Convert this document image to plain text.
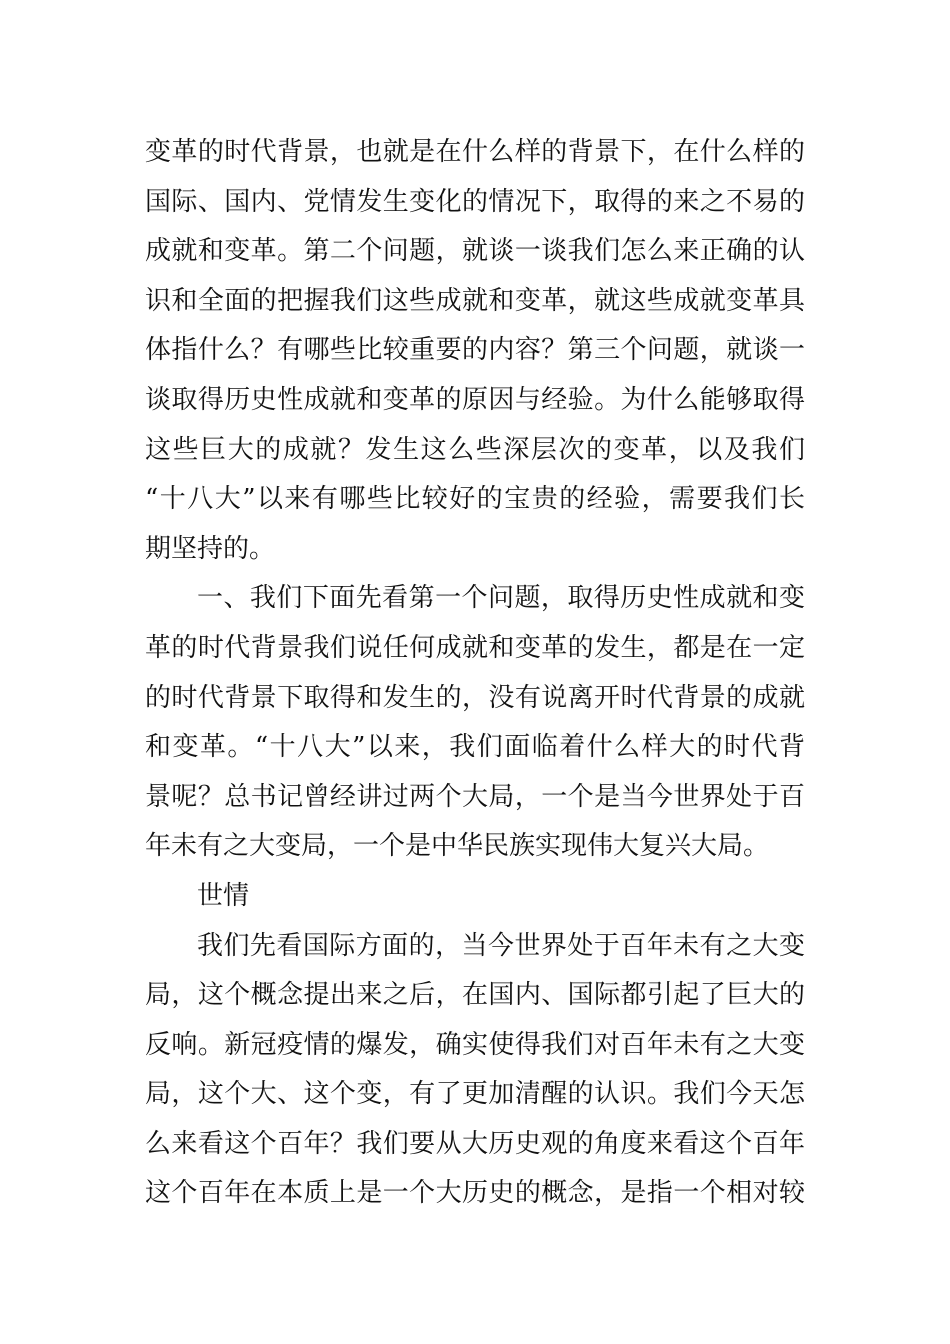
变革的时代背景，也就是在什么样的背景下，在什么样的
国际、国内、党情发生变化的情况下，取得的来之不易的
成就和变革。第二个问题，就谈一谈我们怎么来正确的认
识和全面的把握我们这些成就和变革，就这些成就变革具
体指什么？有哪些比较重要的内容？第三个问题，就谈一
谈取得历史性成就和变革的原因与经验。为什么能够取得
这些巨大的成就？发生这么些深层次的变革，以及我们
“十八大”以来有哪些比较好的宝贵的经验，需要我们长
期坚持的。
一、我们下面先看第一个问题，取得历史性成就和变
革的时代背景我们说任何成就和变革的发生，都是在一定
的时代背景下取得和发生的，没有说离开时代背景的成就
和变革。“十八大”以来，我们面临着什么样大的时代背
景呢？总书记曾经讲过两个大局，一个是当今世界处于百
年未有之大变局，一个是中华民族实现伟大复兴大局。
世情
我们先看国际方面的，当今世界处于百年未有之大变
局，这个概念提出来之后，在国内、国际都引起了巨大的
反响。新冠疫情的爆发，确实使得我们对百年未有之大变
局，这个大、这个变，有了更加清醒的认识。我们今天怎
么来看这个百年？我们要从大历史观的角度来看这个百年
这个百年在本质上是一个大历史的概念，是指一个相对较
